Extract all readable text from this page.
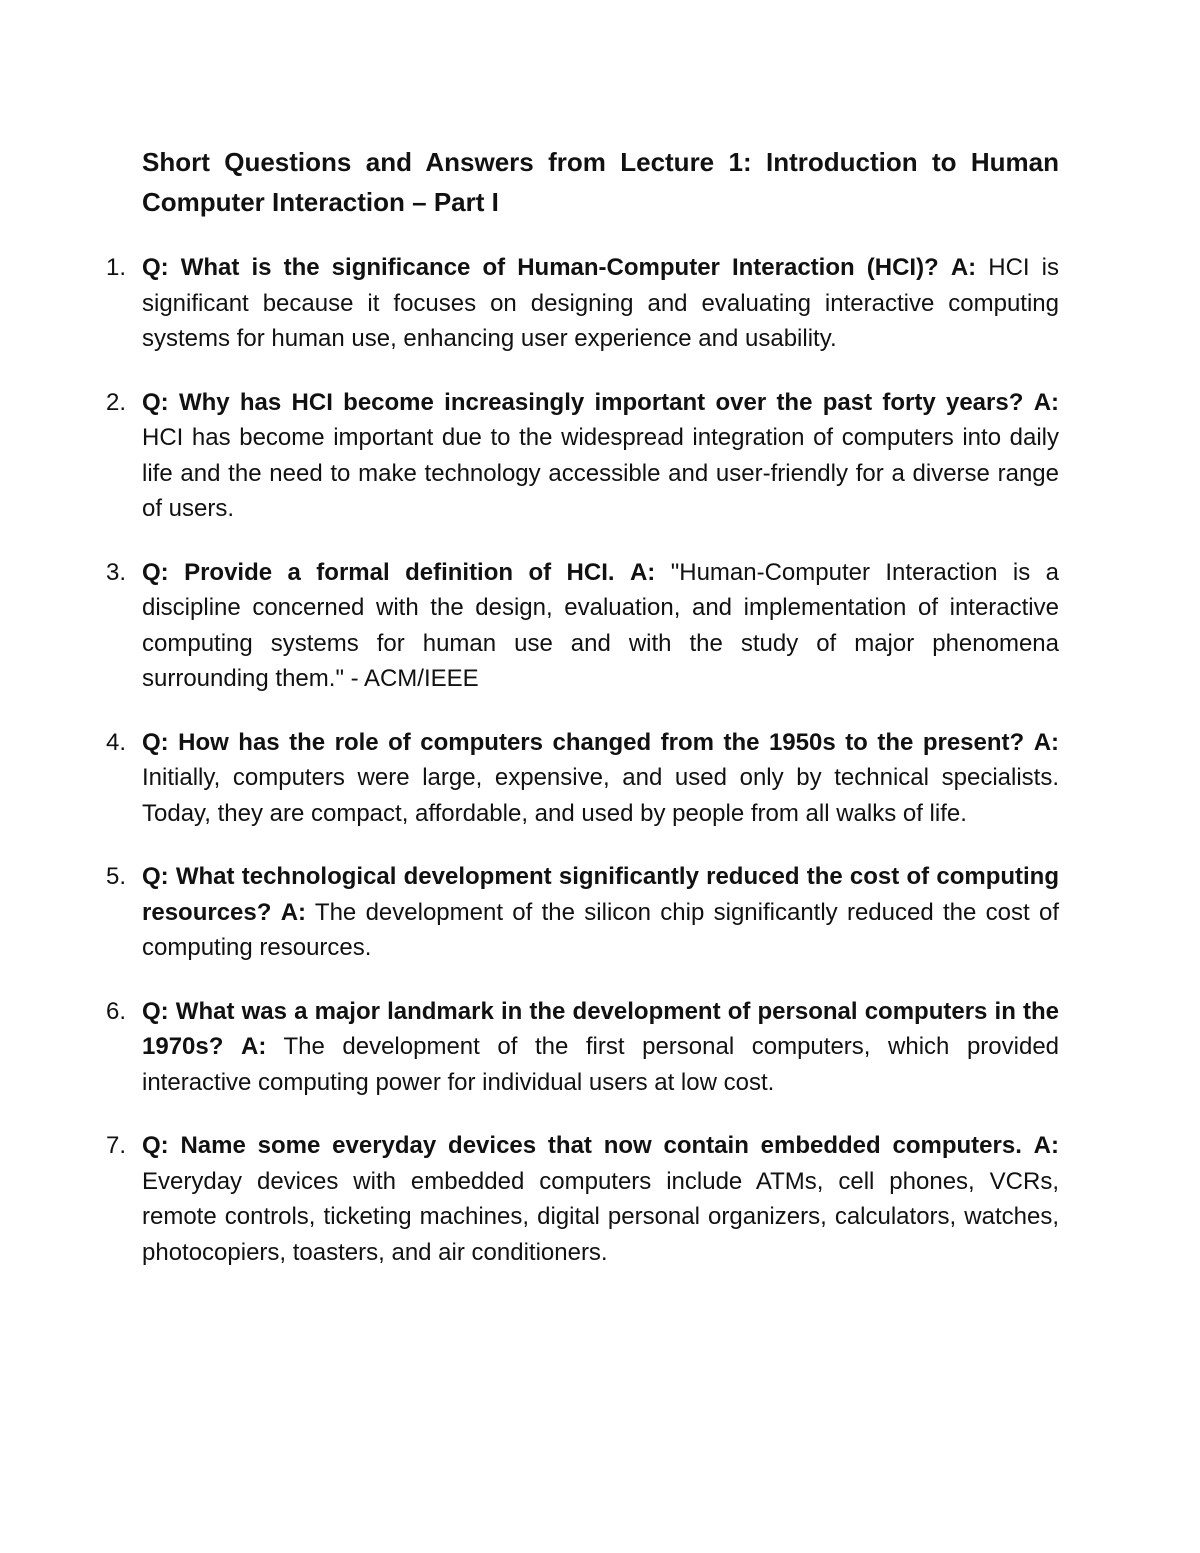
Short Questions and Answers from Lecture 1: Introduction to Human Computer Interaction – Part I
1. Q: What is the significance of Human-Computer Interaction (HCI)? A: HCI is significant because it focuses on designing and evaluating interactive computing systems for human use, enhancing user experience and usability.
2. Q: Why has HCI become increasingly important over the past forty years? A: HCI has become important due to the widespread integration of computers into daily life and the need to make technology accessible and user-friendly for a diverse range of users.
3. Q: Provide a formal definition of HCI. A: "Human-Computer Interaction is a discipline concerned with the design, evaluation, and implementation of interactive computing systems for human use and with the study of major phenomena surrounding them." - ACM/IEEE
4. Q: How has the role of computers changed from the 1950s to the present? A: Initially, computers were large, expensive, and used only by technical specialists. Today, they are compact, affordable, and used by people from all walks of life.
5. Q: What technological development significantly reduced the cost of computing resources? A: The development of the silicon chip significantly reduced the cost of computing resources.
6. Q: What was a major landmark in the development of personal computers in the 1970s? A: The development of the first personal computers, which provided interactive computing power for individual users at low cost.
7. Q: Name some everyday devices that now contain embedded computers. A: Everyday devices with embedded computers include ATMs, cell phones, VCRs, remote controls, ticketing machines, digital personal organizers, calculators, watches, photocopiers, toasters, and air conditioners.
